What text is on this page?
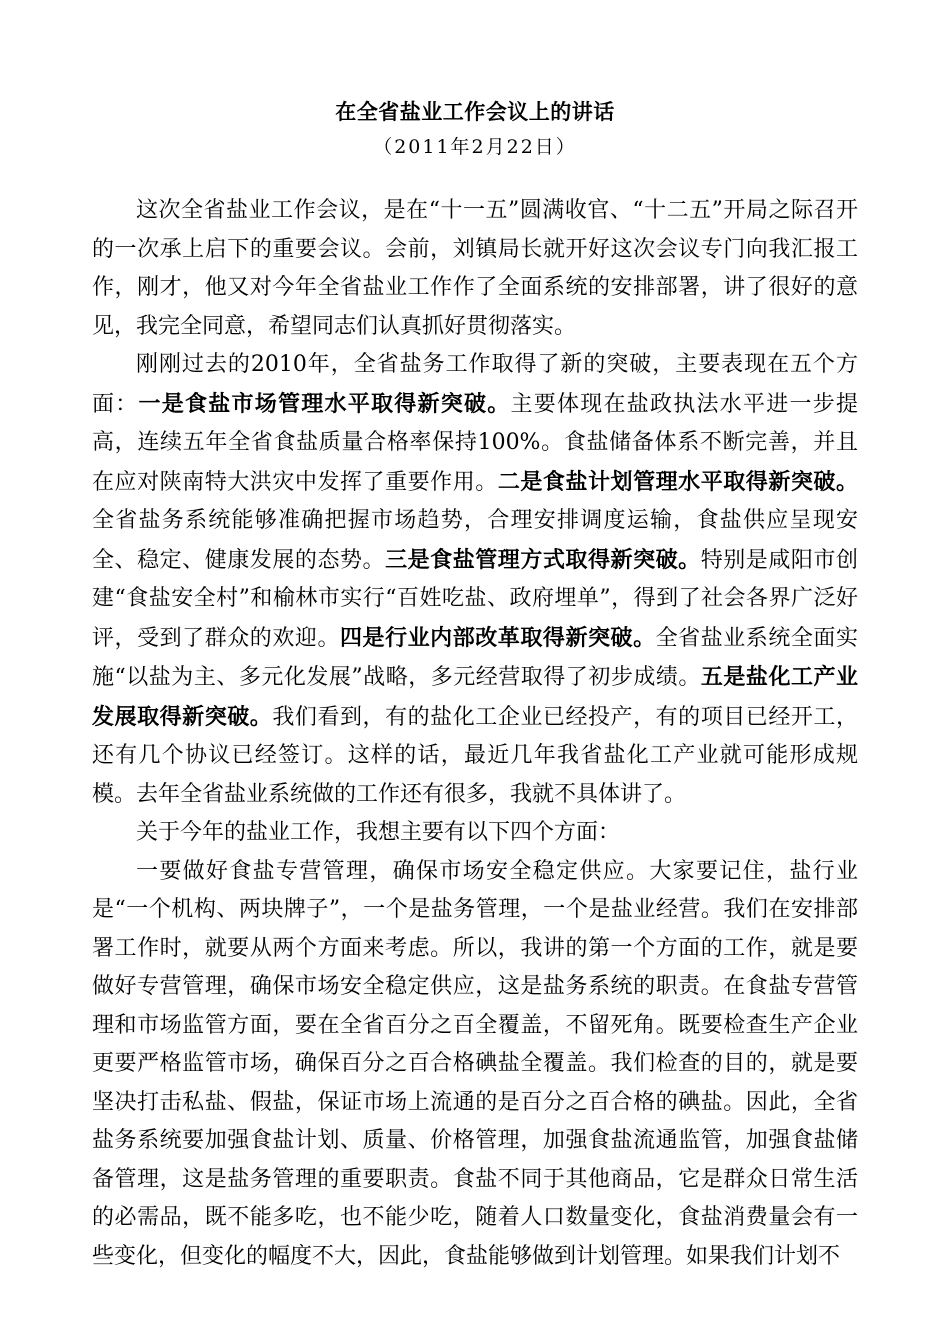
在全省盐业工作会议上的讲话
（2011年2月22日）

这次全省盐业工作会议，是在“十一五”圆满收官、“十二五”开局之际召开的一次承上启下的重要会议。会前，刘镇局长就开好这次会议专门向我汇报工作，刚才，他又对今年全省盐业工作作了全面系统的安排部署，讲了很好的意见，我完全同意，希望同志们认真抓好贯彻落实。

刚刚过去的2010年，全省盐务工作取得了新的突破，主要表现在五个方面：一是食盐市场管理水平取得新突破。主要体现在盐政执法水平进一步提高，连续五年全省食盐质量合格率保持100%。食盐储备体系不断完善，并且在应对陕南特大洪灾中发挥了重要作用。二是食盐计划管理水平取得新突破。全省盐务系统能够准确把握市场趋势，合理安排调度运输，食盐供应呈现安全、稳定、健康发展的态势。三是食盐管理方式取得新突破。特别是咸阳市创建“食盐安全村”和榆林市实行“百姓吃盐、政府埋单”，得到了社会各界广泛好评，受到了群众的欢迎。四是行业内部改革取得新突破。全省盐业系统全面实施“以盐为主、多元化发展”战略，多元经营取得了初步成绩。五是盐化工产业发展取得新突破。我们看到，有的盐化工企业已经投产，有的项目已经开工，还有几个协议已经签订。这样的话，最近几年我省盐化工产业就可能形成规模。去年全省盐业系统做的工作还有很多，我就不具体讲了。

关于今年的盐业工作，我想主要有以下四个方面：

一要做好食盐专营管理，确保市场安全稳定供应。大家要记住，盐行业是“一个机构、两块牌子”，一个是盐务管理，一个是盐业经营。我们在安排部署工作时，就要从两个方面来考虑。所以，我讲的第一个方面的工作，就是要做好专营管理，确保市场安全稳定供应，这是盐务系统的职责。在食盐专营管理和市场监管方面，要在全省百分之百全覆盖，不留死角。既要检查生产企业更要严格监管市场，确保百分之百合格碘盐全覆盖。我们检查的目的，就是要坚决打击私盐、假盐，保证市场上流通的是百分之百合格的碘盐。因此，全省盐务系统要加强食盐计划、质量、价格管理，加强食盐流通监管，加强食盐储备管理，这是盐务管理的重要职责。食盐不同于其他商品，它是群众日常生活的必需品，既不能多吃，也不能少吃，随着人口数量变化，食盐消费量会有一些变化，但变化的幅度不大，因此，食盐能够做到计划管理。如果我们计划不
